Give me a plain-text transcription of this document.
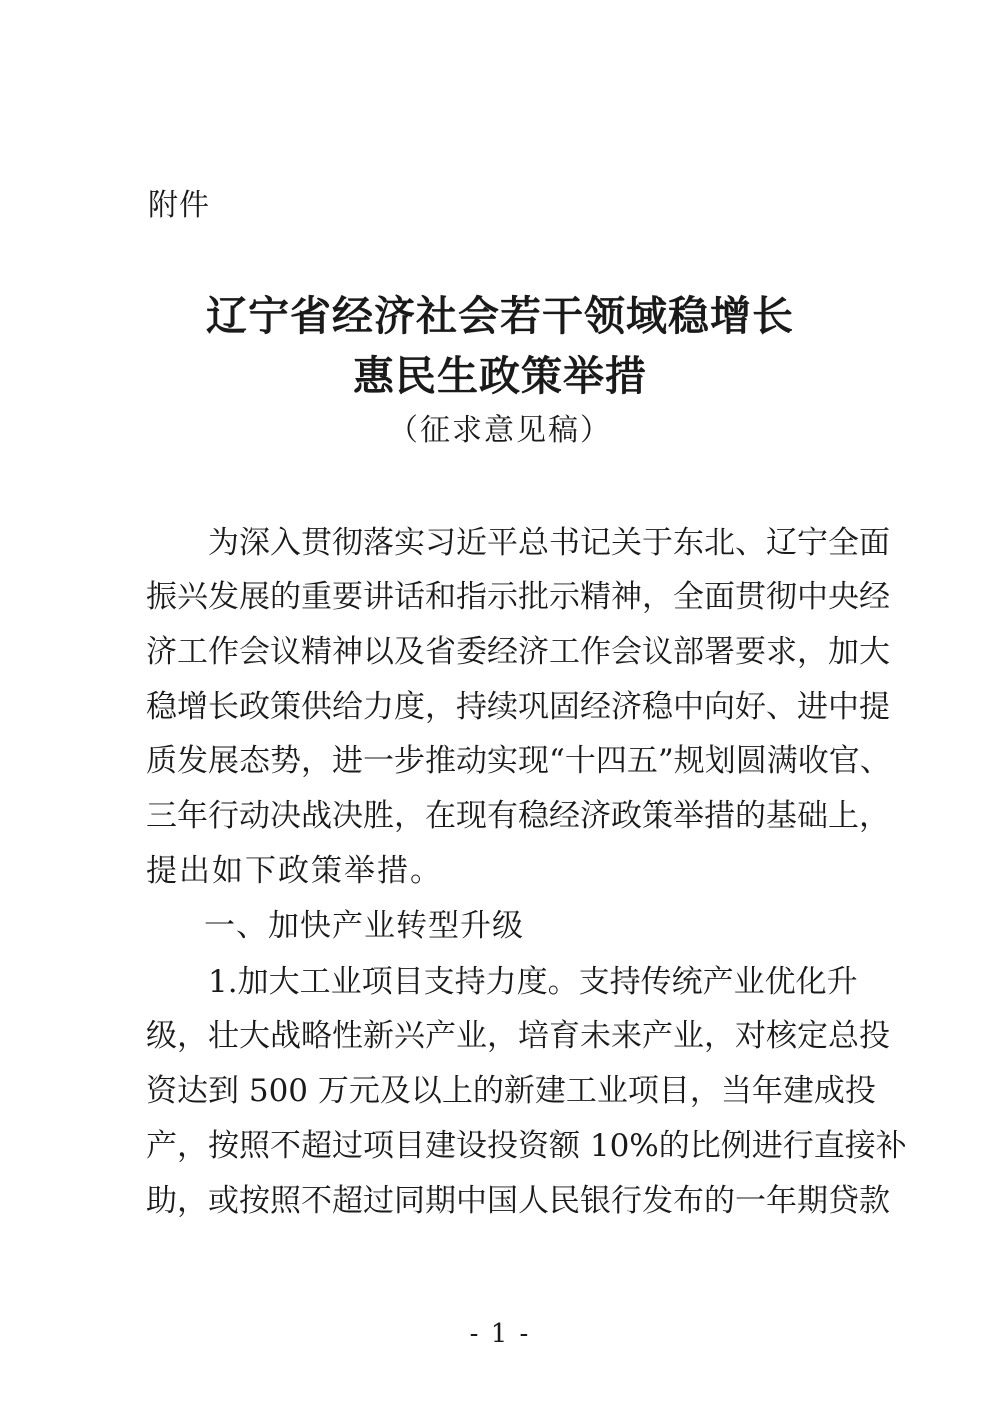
附件
辽宁省经济社会若干领域稳增长
惠民生政策举措
（征求意见稿）
为深入贯彻落实习近平总书记关于东北、辽宁全面
振兴发展的重要讲话和指示批示精神，全面贯彻中央经
济工作会议精神以及省委经济工作会议部署要求，加大
稳增长政策供给力度，持续巩固经济稳中向好、进中提
质发展态势，进一步推动实现“十四五”规划圆满收官、
三年行动决战决胜，在现有稳经济政策举措的基础上，
提出如下政策举措。
一、加快产业转型升级
1.加大工业项目支持力度。支持传统产业优化升
级，壮大战略性新兴产业，培育未来产业，对核定总投
资达到 500 万元及以上的新建工业项目，当年建成投
产，按照不超过项目建设投资额 10%的比例进行直接补
助，或按照不超过同期中国人民银行发布的一年期贷款
- 1 -
